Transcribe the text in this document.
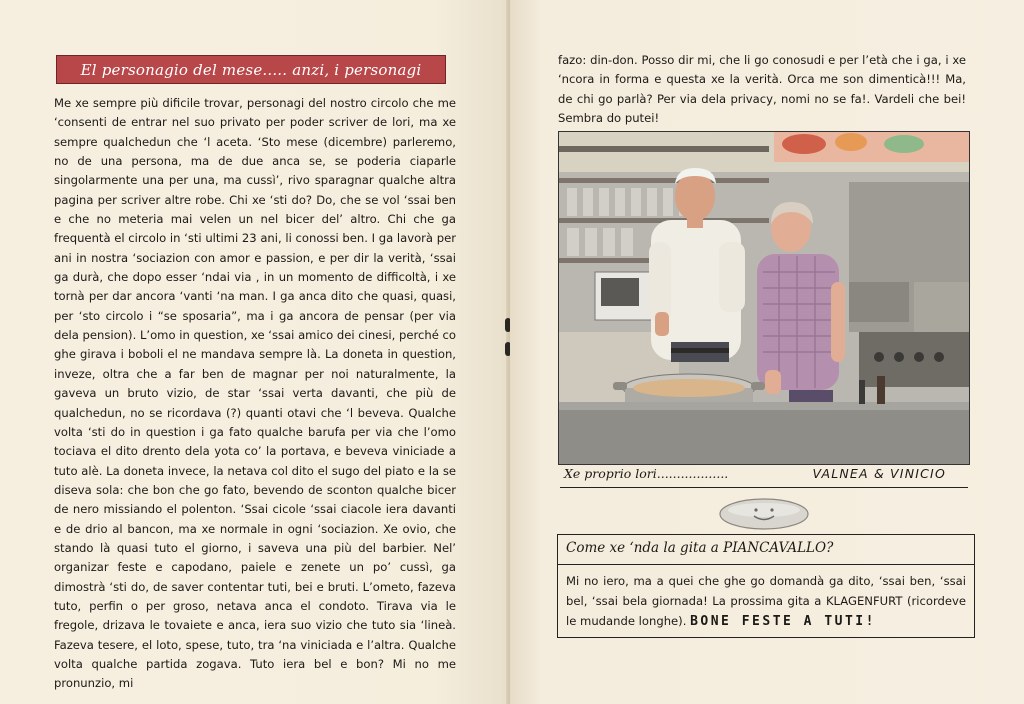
El personagio del mese..... anzi, i personagi
Me xe sempre più dificile trovar, personagi del nostro circolo che me ‘consenti de entrar nel suo privato per poder scriver de lori, ma xe sempre qualchedun che ‘l aceta. ‘Sto mese (dicembre) parleremo, no de una persona, ma de due anca se, se poderia ciaparle singolarmente una per una, ma cussì’, rivo sparagnar qualche altra pagina per scriver altre robe. Chi xe ‘sti do? Do, che se vol ‘ssai ben e che no meteria mai velen un nel bicer del’ altro. Chi che ga frequentà el circolo in ‘sti ultimi 23 ani, li conossi ben. I ga lavorà per ani in nostra ‘sociazion con amor e passion, e per dir la verità, ‘ssai ga durà, che dopo esser ‘ndai via , in un momento de difficoltà, i xe tornà per dar ancora ‘vanti ‘na man. I ga anca dito che quasi, quasi, per ‘sto circolo i “se sposaria”, ma i ga ancora de pensar (per via dela pension). L’omo in question, xe ‘ssai amico dei cinesi, perché co ghe girava i boboli el ne mandava sempre là. La doneta in question, inveze, oltra che a far ben de magnar per noi naturalmente, la gaveva un bruto vizio, de star ‘ssai verta davanti, che più de qualchedun, no se ricordava (?) quanti otavi che ‘l beveva. Qualche volta ‘sti do in question i ga fato qualche barufa per via che l’omo tociava el dito drento dela yota co’ la portava, e beveva viniciade a tuto alè. La doneta invece, la netava col dito el sugo del piato e la se diseva sola: che bon che go fato, bevendo de sconton qualche bicer de nero missiando el polenton. ‘Ssai cicole ‘ssai ciacole iera davanti e de drio al bancon, ma xe normale in ogni ‘sociazion. Xe ovio, che stando là quasi tuto el giorno, i saveva una più del barbier. Nel’ organizar feste e capodano, paiele e zenete un po’ cussì, ga dimostrà ‘sti do, de saver contentar tuti, bei e bruti. L’ometo, fazeva tuto, perfin o per groso, netava anca el condoto. Tirava via le fregole, drizava le tovaiete e anca, iera suo vizio che tuto sia ‘lineà. Fazeva tesere, el loto, spese, tuto, tra ‘na viniciada e l’altra. Qualche volta qualche partida zogava. Tuto iera bel e bon? Mi no me pronunzio, mi
fazo: din-don. Posso dir mi, che li go conosudi e per l’età che i ga, i xe ‘ncora in forma e questa xe la verità. Orca me son dimenticà!!! Ma, de chi go parlà? Per via dela privacy, nomi no se fa!. Vardeli che bei! Sembra do putei!
Xe proprio lori..................	VALNEA & VINICIO
Come xe ‘nda la gita a PIANCAVALLO?
Mi no iero, ma a quei che ghe go domandà ga dito, ‘ssai ben, ‘ssai bel, ‘ssai bela giornada! La prossima gita a KLAGENFURT (ricordeve le mudande longhe). BONE FESTE A TUTI!
